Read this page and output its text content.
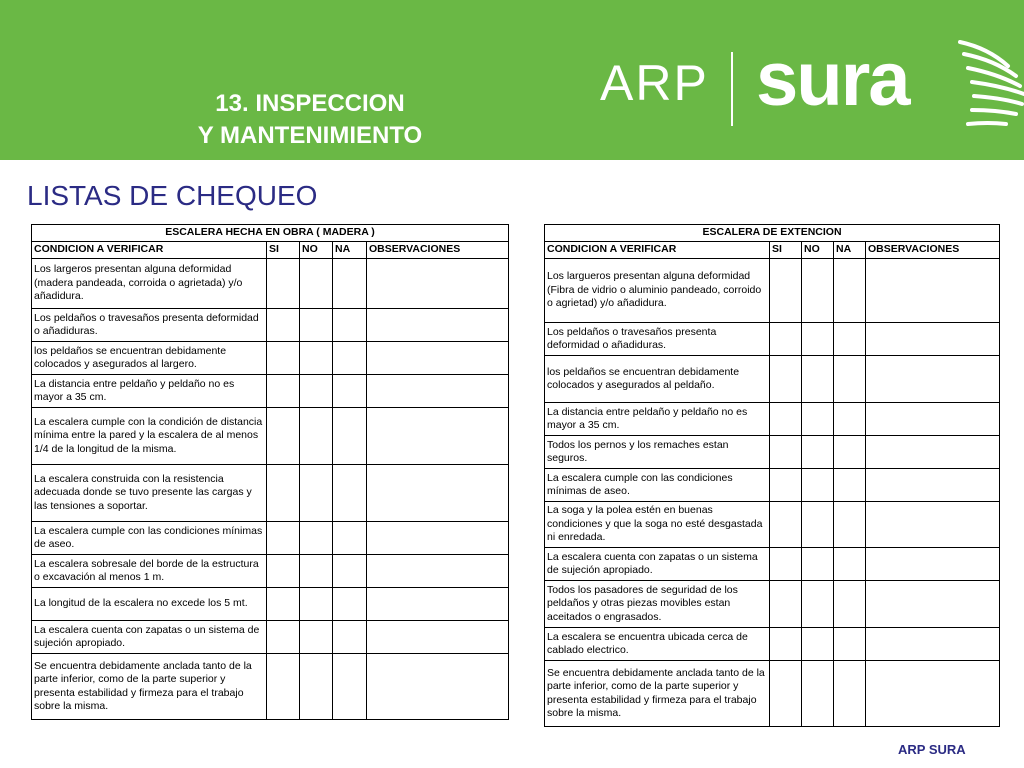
13. INSPECCION
Y MANTENIMIENTO
ARP sura
LISTAS DE CHEQUEO
ESCALERA HECHA EN OBRA ( MADERA )				
CONDICION A VERIFICAR	SI	NO	NA	OBSERVACIONES
Los largeros presentan alguna deformidad (madera pandeada, corroida o agrietada) y/o añadidura.				
Los peldaños o travesaños presenta deformidad o añadiduras.				
los peldaños se encuentran debidamente colocados y asegurados al largero.				
La distancia entre peldaño y peldaño no es mayor a 35 cm.				
La escalera cumple con la condición de distancia mínima entre la pared y la escalera de al menos 1/4 de la longitud de la misma.				
La escalera construida con la resistencia adecuada donde se tuvo presente las cargas y las tensiones a soportar.				
La escalera cumple con las condiciones mínimas de aseo.				
La escalera sobresale del borde de la estructura o excavación al menos 1 m.				
La longitud de la escalera no excede los 5 mt.				
La escalera cuenta con zapatas o un sistema de sujeción apropiado.				
Se encuentra debidamente anclada tanto de la parte inferior, como de la parte superior y presenta estabilidad y firmeza para el trabajo sobre la misma.				
ESCALERA DE EXTENCION				
CONDICION A VERIFICAR	SI	NO	NA	OBSERVACIONES
Los largueros presentan alguna deformidad (Fibra de vidrio o aluminio pandeado, corroido o agrietad) y/o añadidura.				
Los peldaños o travesaños presenta deformidad o añadiduras.				
los peldaños se encuentran debidamente colocados y asegurados al peldaño.				
La distancia entre peldaño y peldaño no es mayor a 35 cm.				
Todos los pernos y los remaches estan seguros.				
La escalera cumple con las condiciones mínimas de aseo.				
La soga y la polea estén en buenas condiciones y que la soga no esté desgastada ni enredada.				
La escalera cuenta con zapatas o un sistema de sujeción apropiado.				
Todos los pasadores de seguridad de los peldaños y otras piezas movibles estan aceitados o engrasados.				
La escalera se encuentra ubicada cerca de cablado electrico.				
Se encuentra debidamente anclada tanto de la parte inferior, como de la parte superior y presenta estabilidad y firmeza para el trabajo sobre la misma.				
ARP SURA
